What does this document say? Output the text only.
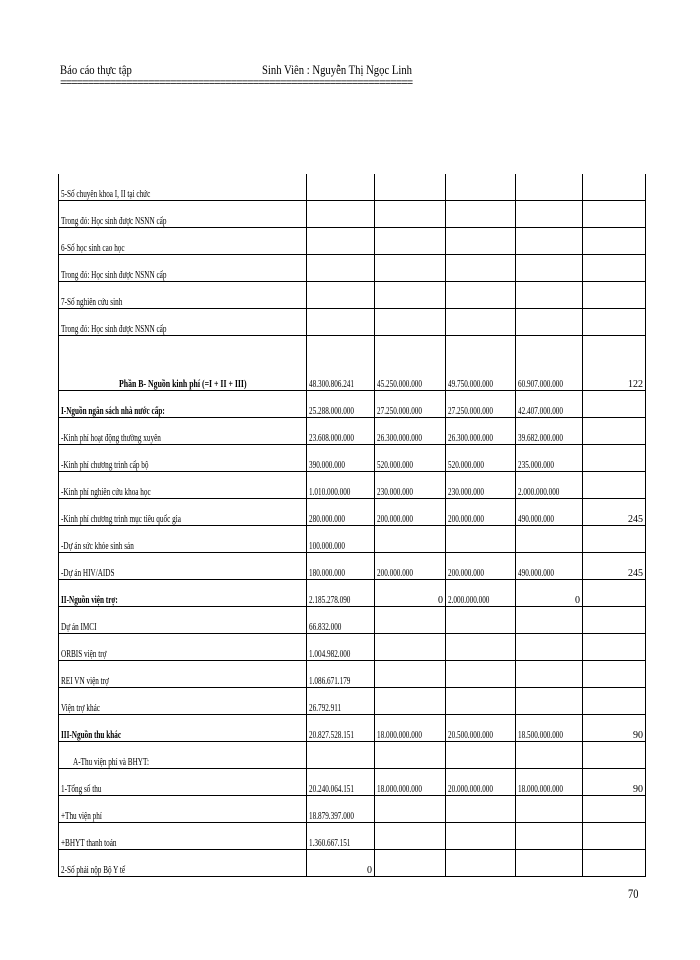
Báo cáo thực tập	Sinh Viên : Nguyễn Thị Ngọc Linh
================================================================
5-Số chuyên khoa I, II tại chức					
Trong đó: Học sinh được NSNN cấp					
6-Số học sinh cao học					
Trong đó: Học sinh được NSNN cấp					
7-Số nghiên cứu sinh					
Trong đó: Học sinh được NSNN cấp					

Phần B- Nguồn kinh phí (=I + II + III)	48.300.806.241	45.250.000.000	49.750.000.000	60.907.000.000	122
I-Nguồn ngân sách nhà nước cấp:	25.288.000.000	27.250.000.000	27.250.000.000	42.407.000.000	
-Kinh phí hoạt động thường xuyên	23.608.000.000	26.300.000.000	26.300.000.000	39.682.000.000	
-Kinh phí chương trình cấp bộ	390.000.000	520.000.000	520.000.000	235.000.000	
-Kinh phí nghiên cứu khoa học	1.010.000.000	230.000.000	230.000.000	2.000.000.000	
-Kinh phí chương trình mục tiêu quốc gia	280.000.000	200.000.000	200.000.000	490.000.000	245
-Dự án sức khỏe sinh sản	100.000.000				
-Dự án HIV/AIDS	180.000.000	200.000.000	200.000.000	490.000.000	245
II-Nguồn viện trợ:	2.185.278.090	0	2.000.000.000	0	
Dự án IMCI	66.832.000				
ORBIS viện trợ	1.004.982.000				
REI VN viện trợ	1.086.671.179				
Viện trợ khác	26.792.911				
III-Nguồn thu khác	20.827.528.151	18.000.000.000	20.500.000.000	18.500.000.000	90
A-Thu viện phí và BHYT:					
1-Tổng số thu	20.240.064.151	18.000.000.000	20.000.000.000	18.000.000.000	90
+Thu viện phí	18.879.397.000				
+BHYT thanh toán	1.360.667.151				
2-Số phải nộp Bộ Y tế	0				
70
